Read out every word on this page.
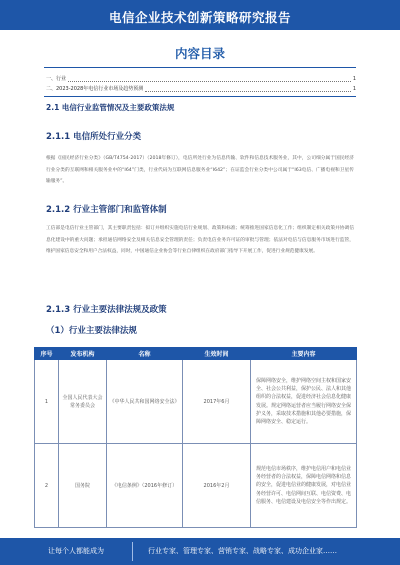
电信企业技术创新策略研究报告
内容目录
一、行业	1
二、2023-2028年电信行业市场及趋势预测	1
2.1 电信行业监管情况及主要政策法规
2.1.1 电信所处行业分类
根据《国民经济行业分类》（GB/T4754-2017）（2018年修订），电信所处行业为信息传输、软件和信息技术服务业，其中，公司细分属于国民经济行业分类的互联网和相关服务业中的“I64”门类，行业代码为互联网信息服务业“I642”；在证监会行业分类中公司属于“I63电信、广播电视和卫星传输服务”。
2.1.2 行业主管部门和监管体制
工信部是电信行业主管部门，其主要职责包括：拟订并组织实施电信行业规划、政策和标准；统筹推进国家信息化工作；组织制定相关政策并协调信息化建设中的重大问题；承担通信网络安全及相关信息安全管理的责任；负责电信业务许可证的审批与管理；依法对电信与信息服务市场进行监管，维护国家信息安全和用户合法权益，同时，中国通信企业协会等行业自律组织在政府部门指导下开展工作，促进行业规范健康发展。
2.1.3 行业主要法律法规及政策
（1）行业主要法律法规
序号	发布机构	名称	生效时间	主要内容
1	全国人民代表大会常务委员会	《中华人民共和国网络安全法》	2017年6月	保障网络安全，维护网络空间主权和国家安全、社会公共利益，保护公民、法人和其他组织的合法权益，促进经济社会信息化健康发展。规定网络运营者应当履行网络安全保护义务，采取技术措施和其他必要措施，保障网络安全、稳定运行。
2	国务院	《电信条例》（2016年修订）	2016年2月	规范电信市场秩序，维护电信用户和电信业务经营者的合法权益，保障电信网络和信息的安全，促进电信业的健康发展，对电信业务经营许可、电信网间互联、电信资费、电信服务、电信建设及电信安全等作出规定。
让每个人都能成为	行业专家、管理专家、营销专家、战略专家、成功企业家……
